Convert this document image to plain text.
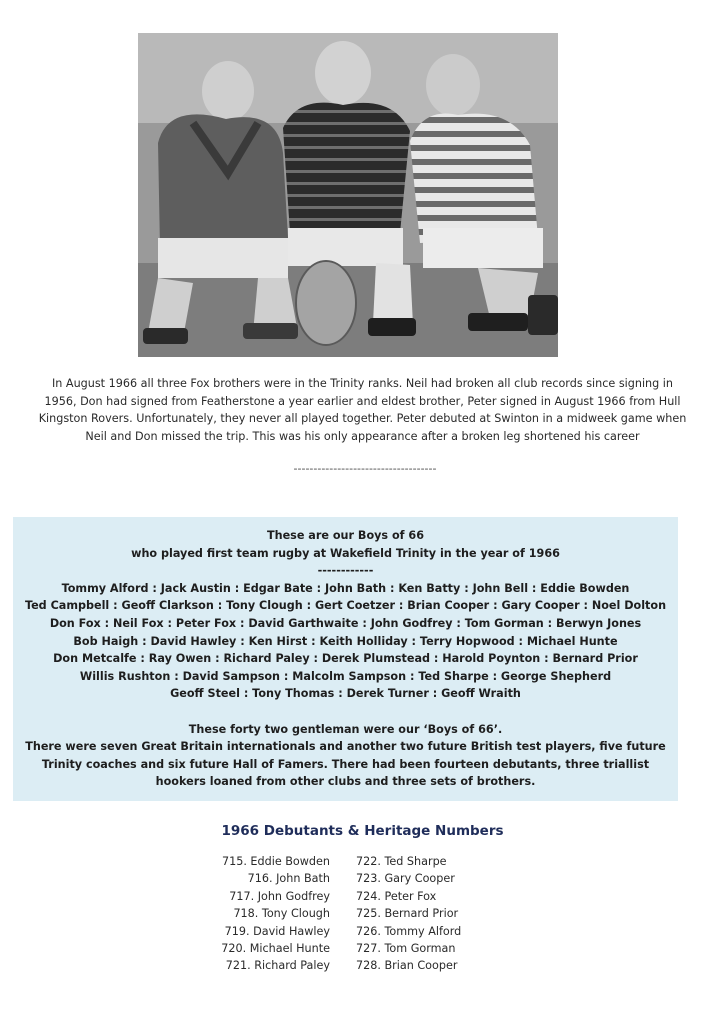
In August 1966 all three Fox brothers were in the Trinity ranks. Neil had broken all club records since signing in
1956, Don had signed from Featherstone a year earlier and eldest brother, Peter signed in August 1966 from Hull
Kingston Rovers. Unfortunately, they never all played together. Peter debuted at Swinton in a midweek game when
Neil and Don missed the trip. This was his only appearance after a broken leg shortened his career
------------------------------------
These are our Boys of 66
who played first team rugby at Wakefield Trinity in the year of 1966
------------
Tommy Alford : Jack Austin : Edgar Bate : John Bath : Ken Batty : John Bell : Eddie Bowden
Ted Campbell : Geoff Clarkson : Tony Clough : Gert Coetzer : Brian Cooper : Gary Cooper : Noel Dolton
Don Fox : Neil Fox : Peter Fox : David Garthwaite : John Godfrey : Tom Gorman : Berwyn Jones
Bob Haigh : David Hawley : Ken Hirst : Keith Holliday : Terry Hopwood : Michael Hunte
Don Metcalfe : Ray Owen : Richard Paley : Derek Plumstead : Harold Poynton : Bernard Prior
Willis Rushton : David Sampson : Malcolm Sampson : Ted Sharpe : George Shepherd
Geoff Steel : Tony Thomas : Derek Turner : Geoff Wraith
These forty two gentleman were our ‘Boys of 66’.
There were seven Great Britain internationals and another two future British test players, five future
Trinity coaches and six future Hall of Famers. There had been fourteen debutants, three triallist
hookers loaned from other clubs and three sets of brothers.
1966 Debutants & Heritage Numbers
715. Eddie Bowden
716. John Bath
717. John Godfrey
718. Tony Clough
719. David Hawley
720. Michael Hunte
721. Richard Paley
722. Ted Sharpe
723. Gary Cooper
724. Peter Fox
725. Bernard Prior
726. Tommy Alford
727. Tom Gorman
728. Brian Cooper
